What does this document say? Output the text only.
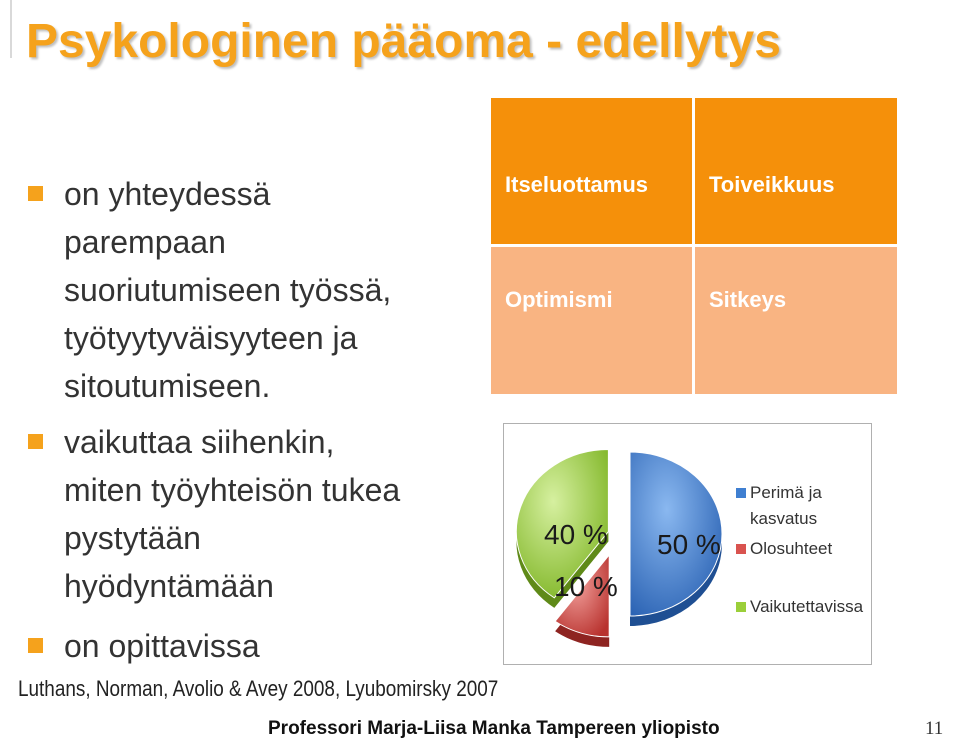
Psykologinen pääoma - edellytys
on yhteydessä
parempaan
suoriutumiseen työssä,
työtyytyväisyyteen ja
sitoutumiseen.
vaikuttaa siihenkin,
miten työyhteisön tukea
pystytään
hyödyntämään
on opittavissa
Luthans, Norman, Avolio & Avey 2008, Lyubomirsky 2007
Itseluottamus	Toiveikkuus
Optimismi	Sitkeys
50 %
10 %
40 %
Perimä ja
kasvatus
Olosuhteet
Vaikutettavissa
Professori Marja-Liisa Manka Tampereen yliopisto	11
